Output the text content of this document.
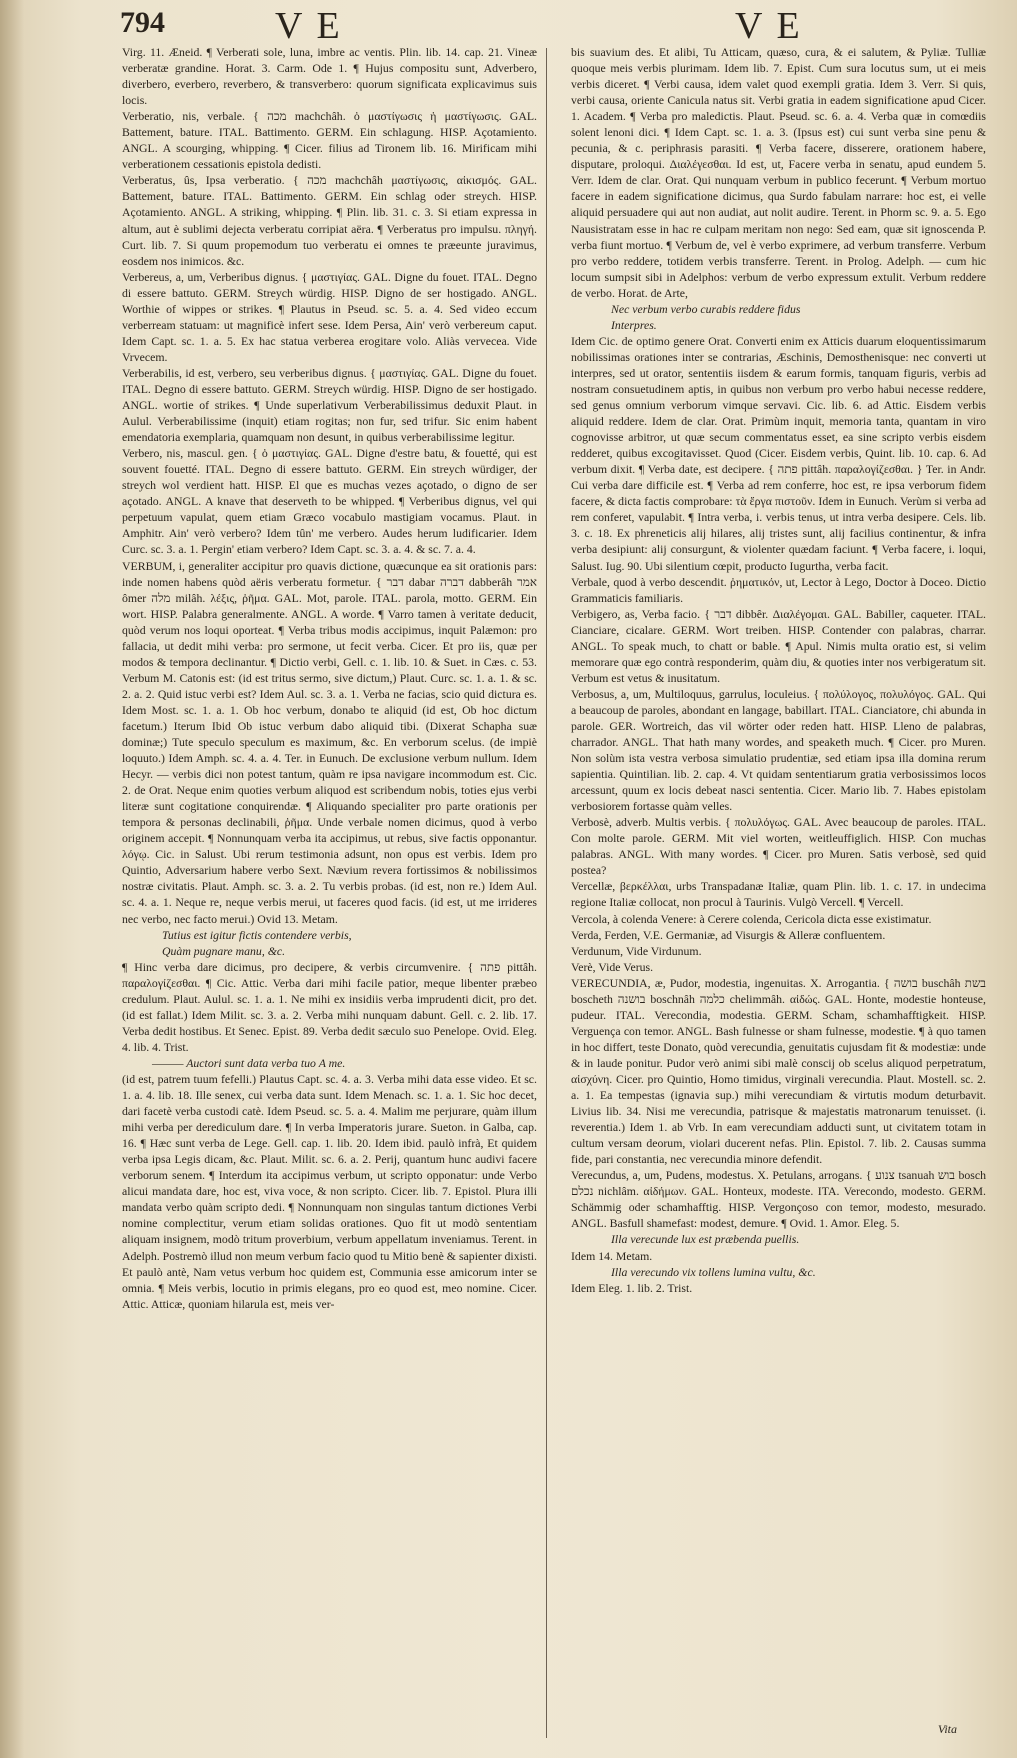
794	VE	VE

Virg. 11. Æneid. ¶ Verberati sole, luna, imbre ac ventis. Plin. lib. 14. cap. 21. Vineæ verberatæ grandine. Horat. 3. Carm. Ode 1. ¶ Hujus compositu sunt, Adverbero, diverbero, everbero, reverbero, & transverbero: quorum significata explicavimus suis locis.

Verberatio, nis, verbale. { מכה machchâh. ὁ μαστίγωσις ἡ μαστίγωσις. GAL. Battement, bature. ITAL. Battimento. GERM. Ein schlagung. HISP. Açotamiento. ANGL. A scourging, whipping. ¶ Cicer. filius ad Tironem lib. 16. Mirificam mihi verberationem cessationis epistola dedisti.

Verberatus, ûs, Ipsa verberatio. { מכה machchâh μαστίγωσις, αἰκισμός. GAL. Battement, bature. ITAL. Battimento. GERM. Ein schlag oder streych. HISP. Açotamiento. ANGL. A striking, whipping. ¶ Plin. lib. 31. c. 3. Si etiam expressa in altum, aut è sublimi dejecta verberatu corripiat aëra. ¶ Verberatus pro impulsu. πληγή. Curt. lib. 7. Si quum propemodum tuo verberatu ei omnes te præeunte juravimus, eosdem nos inimicos. &c.

Verbereus, a, um, Verberibus dignus. { μαστιγίας. GAL. Digne du fouet. ITAL. Degno di essere battuto. GERM. Streych würdig. HISP. Digno de ser hostigado. ANGL. Worthie of wippes or strikes. ¶ Plautus in Pseud. sc. 5. a. 4. Sed video eccum verberream statuam: ut magnificè infert sese. Idem Persa, Ain' verò verbereum caput. Idem Capt. sc. 1. a. 5. Ex hac statua verberea erogitare volo. Aliàs verveceа. Vide Vrvecem.

Verberabilis, id est, verbero, seu verberibus dignus. { μαστιγίας. GAL. Digne du fouet. ITAL. Degno di essere battuto. GERM. Streych würdig. HISP. Digno de ser hostigado. ANGL. wortie of strikes. ¶ Unde superlativum Verberabilissimus deduxit Plaut. in Aulul. Verberabilissime (inquit) etiam rogitas; non fur, sed trifur. Sic enim habent emendatoria exemplaria, quamquam non desunt, in quibus verberabilissime legitur.

Verbero, nis, mascul. gen. { ὁ μαστιγίας. GAL. Digne d'estre batu, & fouetté, qui est souvent fouetté. ITAL. Degno di essere battuto. GERM. Ein streych würdiger, der streych wol verdient hatt. HISP. El que es muchas vezes açotado, o digno de ser açotado. ANGL. A knave that deserveth to be whipped. ¶ Verberibus dignus, vel qui perpetuum vapulat, quem etiam Græco vocabulo mastigiam vocamus. Plaut. in Amphitr. Ain' verò verbero? Idem tûn' me verbero. Audes herum ludificarier. Idem Curc. sc. 3. a. 1. Pergin' etiam verbero? Idem Capt. sc. 3. a. 4. & sc. 7. a. 4.

VERBUM, i, generaliter accipitur pro quavis dictione, quæcunque ea sit orationis pars: inde nomen habens quòd aëris verberatu formetur. { דבר dabar דברה dabberâh אמר ômer מלה milâh. λέξις, ῥῆμα. GAL. Mot, parole. ITAL. parola, motto. GERM. Ein wort. HISP. Palabra generalmente. ANGL. A worde. ¶ Varro tamen à veritate deducit, quòd verum nos loqui oporteat. ¶ Verba tribus modis accipimus, inquit Palæmon: pro fallacia, ut dedit mihi verba: pro sermone, ut fecit verba. Cicer. Et pro iis, quæ per modos & tempora declinantur. ¶ Dictio verbi, Gell. c. 1. lib. 10. & Suet. in Cæs. c. 53. Verbum M. Catonis est: (id est tritus sermo, sive dictum,) Plaut. Curc. sc. 1. a. 1. & sc. 2. a. 2. Quid istuc verbi est? Idem Aul. sc. 3. a. 1. Verba ne facias, scio quid dictura es. Idem Most. sc. 1. a. 1. Ob hoc verbum, donabo te aliquid (id est, Ob hoc dictum facetum.) Iterum Ibid Ob istuc verbum dabo aliquid tibi. (Dixerat Schapha suæ dominæ;) Tute speculo speculum es maximum, &c. En verborum scelus. (de impiè loquuto.) Idem Amph. sc. 4. a. 4. Ter. in Eunuch. De exclusione verbum nullum. Idem Hecyr. — verbis dici non potest tantum, quàm re ipsa navigare incommodum est. Cic. 2. de Orat. Neque enim quoties verbum aliquod est scribendum nobis, toties ejus verbi literæ sunt cogitatione conquirendæ. ¶ Aliquando specialiter pro parte orationis per tempora & personas declinabili, ῥῆμα. Unde verbale nomen dicimus, quod à verbo originem accepit. ¶ Nonnunquam verba ita accipimus, ut rebus, sive factis opponantur. λόγῳ. Cic. in Salust. Ubi rerum testimonia adsunt, non opus est verbis. Idem pro Quintio, Adversarium habere verbo Sext. Nævium revera fortissimos & nobilissimos nostræ civitatis. Plaut. Amph. sc. 3. a. 2. Tu verbis probas. (id est, non re.) Idem Aul. sc. 4. a. 1. Neque re, neque verbis merui, ut faceres quod facis. (id est, ut me irrideres nec verbo, nec facto merui.) Ovid 13. Metam.

Tutius est igitur fictis contendere verbis,

Quàm pugnare manu, &c.

¶ Hinc verba dare dicimus, pro decipere, & verbis circumvenire. { פתה pittâh. παραλογίζεσθαι. ¶ Cic. Attic. Verba dari mihi facile patior, meque libenter præbeo credulum. Plaut. Aulul. sc. 1. a. 1. Ne mihi ex insidiis verba imprudenti dicit, pro det. (id est fallat.) Idem Milit. sc. 3. a. 2. Verba mihi nunquam dabunt. Gell. c. 2. lib. 17. Verba dedit hostibus. Et Senec. Epist. 89. Verba dedit sæculo suo Penelope. Ovid. Eleg. 4. lib. 4. Trist.

——— Auctori sunt data verba tuo A me.

(id est, patrem tuum fefelli.) Plautus Capt. sc. 4. a. 3. Verba mihi data esse video. Et sc. 1. a. 4. lib. 18. Ille senex, cui verba data sunt. Idem Menach. sc. 1. a. 1. Sic hoc decet, dari facetè verba custodi catè. Idem Pseud. sc. 5. a. 4. Malim me perjurare, quàm illum mihi verba per derediculum dare. ¶ In verba Imperatoris jurare. Sueton. in Galba, cap. 16. ¶ Hæc sunt verba de Lege. Gell. cap. 1. lib. 20. Idem ibid. paulò infrà, Et quidem verba ipsa Legis dicam, &c. Plaut. Milit. sc. 6. a. 2. Perij, quantum hunc audivi facere verborum senem. ¶ Interdum ita accipimus verbum, ut scripto opponatur: unde Verbo alicui mandata dare, hoc est, viva voce, & non scripto. Cicer. lib. 7. Epistol. Plura illi mandata verbo quàm scripto dedi. ¶ Nonnunquam non singulas tantum dictiones Verbi nomine complectitur, verum etiam solidas orationes. Quo fit ut modò sententiam aliquam insignem, modò tritum proverbium, verbum appellatum inveniamus. Terent. in Adelph. Postremò illud non meum verbum facio quod tu Mitio benè & sapienter dixisti. Et paulò antè, Nam vetus verbum hoc quidem est, Communia esse amicorum inter se omnia. ¶ Meis verbis, locutio in primis elegans, pro eo quod est, meo nomine. Cicer. Attic. Atticæ, quoniam hilarula est, meis ver-

bis suavium des. Et alibi, Tu Atticam, quæso, cura, & ei salutem, & Pyliæ. Tulliæ quoque meis verbis plurimam. Idem lib. 7. Epist. Cum sura locutus sum, ut ei meis verbis diceret. ¶ Verbi causa, idem valet quod exempli gratia. Idem 3. Verr. Si quis, verbi causa, oriente Canicula natus sit. Verbi gratia in eadem significatione apud Cicer. 1. Academ. ¶ Verba pro maledictis. Plaut. Pseud. sc. 6. a. 4. Verba quæ in comœdiis solent lenoni dici. ¶ Idem Capt. sc. 1. a. 3. (Ipsus est) cui sunt verba sine penu & pecunia, & c. periphrasis parasiti. ¶ Verba facere, disserere, orationem habere, disputare, proloqui. Διαλέγεσθαι. Id est, ut, Facere verba in senatu, apud eundem 5. Verr. Idem de clar. Orat. Qui nunquam verbum in publico fecerunt. ¶ Verbum mortuo facere in eadem significatione dicimus, qua Surdo fabulam narrare: hoc est, ei velle aliquid persuadere qui aut non audiat, aut nolit audire. Terent. in Phorm sc. 9. a. 5. Ego Nausistratam esse in hac re culpam meritam non nego: Sed eam, quæ sit ignoscenda P. verba fiunt mortuo. ¶ Verbum de, vel è verbo exprimere, ad verbum transferre. Verbum pro verbo reddere, totidem verbis transferre. Terent. in Prolog. Adelph. — cum hic locum sumpsit sibi in Adelphos: verbum de verbo expressum extulit. Verbum reddere de verbo. Horat. de Arte,

Nec verbum verbo curabis reddere fidus

Interpres.

Idem Cic. de optimo genere Orat. Converti enim ex Atticis duarum eloquentissimarum nobilissimas orationes inter se contrarias, Æschinis, Demosthenisque: nec converti ut interpres, sed ut orator, sententiis iisdem & earum formis, tanquam figuris, verbis ad nostram consuetudinem aptis, in quibus non verbum pro verbo habui necesse reddere, sed genus omnium verborum vimque servavi. Cic. lib. 6. ad Attic. Eisdem verbis aliquid reddere. Idem de clar. Orat. Primùm inquit, memoria tanta, quantam in viro cognovisse arbitror, ut quæ secum commentatus esset, ea sine scripto verbis eisdem redderet, quibus excogitavisset. Quod (Cicer. Eisdem verbis, Quint. lib. 10. cap. 6. Ad verbum dixit. ¶ Verba date, est decipere. { פתה pittâh. παραλογίζεσθαι. } Ter. in Andr. Cui verba dare difficile est. ¶ Verba ad rem conferre, hoc est, re ipsa verborum fidem facere, & dicta factis comprobare: τὰ ἔργα πιστοῦν. Idem in Eunuch. Verùm si verba ad rem conferet, vapulabit. ¶ Intra verba, i. verbis tenus, ut intra verba desipere. Cels. lib. 3. c. 18. Ex phreneticis alij hilares, alij tristes sunt, alij facilius continentur, & infra verba desipiunt: alij consurgunt, & violenter quædam faciunt. ¶ Verba facere, i. loqui, Salust. Iug. 90. Ubi silentium cœpit, producto Iugurtha, verba facit.

Verbale, quod à verbo descendit. ῥηματικόν, ut, Lector à Lego, Doctor à Doceo. Dictio Grammaticis familiaris.

Verbigero, as, Verba facio. { דבר dibbêr. Διαλέγομαι. GAL. Babiller, caqueter. ITAL. Cianciare, cicalare. GERM. Wort treiben. HISP. Contender con palabras, charrar. ANGL. To speak much, to chatt or bable. ¶ Apul. Nimis multa oratio est, si velim memorare quæ ego contrà responderim, quàm diu, & quoties inter nos verbigeratum sit. Verbum est vetus & inusitatum.

Verbosus, a, um, Multiloquus, garrulus, loculeius. { πολύλογος, πολυλόγος. GAL. Qui a beaucoup de paroles, abondant en langage, babillart. ITAL. Cianciatore, chi abunda in parole. GER. Wortreich, das vil wörter oder reden hatt. HISP. Lleno de palabras, charrador. ANGL. That hath many wordes, and speaketh much. ¶ Cicer. pro Muren. Non solùm ista vestra verbosa simulatio prudentiæ, sed etiam ipsa illa domina rerum sapientia. Quintilian. lib. 2. cap. 4. Vt quidam sententiarum gratia verbosissimos locos arcessunt, quum ex locis debeat nasci sententia. Cicer. Mario lib. 7. Habes epistolam verbosiorem fortasse quàm velles.

Verbosè, adverb. Multis verbis. { πολυλόγως. GAL. Avec beaucoup de paroles. ITAL. Con molte parole. GERM. Mit viel worten, weitleuffiglich. HISP. Con muchas palabras. ANGL. With many wordes. ¶ Cicer. pro Muren. Satis verbosè, sed quid postea?

Vercellæ, βερκέλλαι, urbs Transpadanæ Italiæ, quam Plin. lib. 1. c. 17. in undecima regione Italiæ collocat, non procul à Taurinis. Vulgò Vercell. ¶ Vercell.

Vercola, à colenda Venere: à Cerere colenda, Cericola dicta esse existimatur.

Verda, Ferden, V.E. Germaniæ, ad Visurgis & Alleræ confluentem.

Verdunum, Vide Virdunum.

Verè, Vide Verus.

VERECUNDIA, æ, Pudor, modestia, ingenuitas. Χ. Arrogantia. { בושה buschâh בשת boscheth בושנה boschnâh כלמה chelimmâh. αἰδώς. GAL. Honte, modestie honteuse, pudeur. ITAL. Verecondia, modestia. GERM. Scham, schamhafftigkeit. HISP. Verguença con temor. ANGL. Bash fulnesse or sham fulnesse, modestie. ¶ à quo tamen in hoc differt, teste Donato, quòd verecundia, genuitatis cujusdam fit & modestiæ: unde & in laude ponitur. Pudor verò animi sibi malè conscij ob scelus aliquod perpetratum, αἰσχύνη. Cicer. pro Quintio, Homo timidus, virginali verecundia. Plaut. Mostell. sc. 2. a. 1. Ea tempestas (ignavia sup.) mihi verecundiam & virtutis modum deturbavit. Livius lib. 34. Nisi me verecundia, patrisque & majestatis matronarum tenuisset. (i. reverentia.) Idem 1. ab Vrb. In eam verecundiam adducti sunt, ut civitatem totam in cultum versam deorum, violari ducerent nefas. Plin. Epistol. 7. lib. 2. Causas summa fide, pari constantia, nec verecundia minore defendit.

Verecundus, a, um, Pudens, modestus. Χ. Petulans, arrogans. { צנוע tsanuah בוש bosch נכלם nichlâm. αἰδήμων. GAL. Honteux, modeste. ITA. Verecondo, modesto. GERM. Schämmig oder schamhafftig. HISP. Vergonçoso con temor, modesto, mesurado. ANGL. Basfull shamefast: modest, demure. ¶ Ovid. 1. Amor. Eleg. 5.

Illa verecunde lux est præbenda puellis.

Idem 14. Metam.

Illa verecundo vix tollens lumina vultu, &c.

Idem Eleg. 1. lib. 2. Trist.

Vita
